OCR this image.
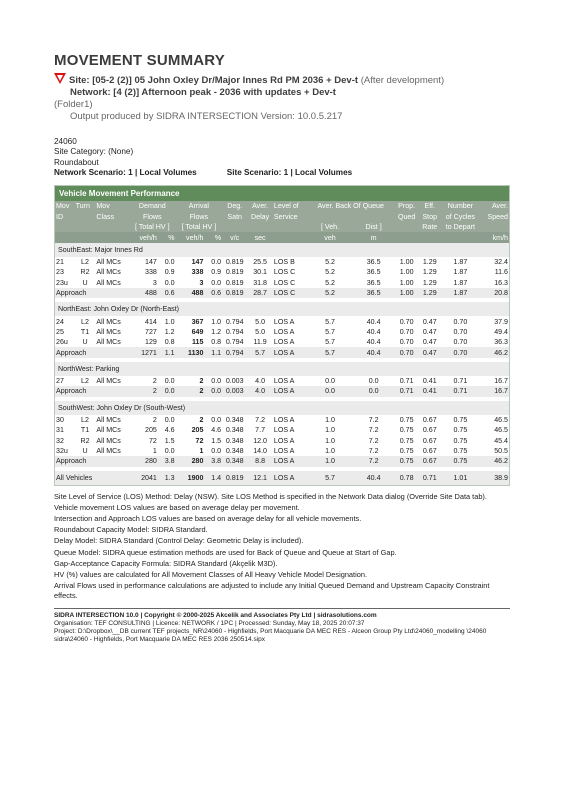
MOVEMENT SUMMARY
Site: [05-2 (2)] 05 John Oxley Dr/Major Innes Rd PM 2036 + Dev-t (After development)
Network: [4 (2)] Afternoon peak - 2036 with updates + Dev-t
(Folder1)
Output produced by SIDRA INTERSECTION Version: 10.0.5.217
24060
Site Category: (None)
Roundabout
Network Scenario: 1 | Local Volumes	Site Scenario: 1 | Local Volumes
Vehicle Movement Performance
Mov	Turn	Mov	Demand		Arrival		Deg.	Aver.	Level of	Aver. Back Of Queue		Prop.	Eff.	Number	Aver.
ID		Class	Flows		Flows		Satn	Delay	Service			Qued	Stop	of Cycles	Speed
			[ Total HV ]		[ Total HV ]					[ Veh.	Dist ]		Rate	to Depart	
			veh/h	%	veh/h	%	v/c	sec		veh	m				km/h
SouthEast: Major Innes Rd															
21	L2	All MCs	147	0.0	147	0.0	0.819	25.5	LOS B	5.2	36.5	1.00	1.29	1.87	32.4
23	R2	All MCs	338	0.9	338	0.9	0.819	30.1	LOS C	5.2	36.5	1.00	1.29	1.87	11.6
23u	U	All MCs	3	0.0	3	0.0	0.819	31.8	LOS C	5.2	36.5	1.00	1.29	1.87	16.3
Approach			488	0.6	488	0.6	0.819	28.7	LOS C	5.2	36.5	1.00	1.29	1.87	20.8

NorthEast: John Oxley Dr (North-East)															
24	L2	All MCs	414	1.0	367	1.0	0.794	5.0	LOS A	5.7	40.4	0.70	0.47	0.70	37.9
25	T1	All MCs	727	1.2	649	1.2	0.794	5.0	LOS A	5.7	40.4	0.70	0.47	0.70	49.4
26u	U	All MCs	129	0.8	115	0.8	0.794	11.9	LOS A	5.7	40.4	0.70	0.47	0.70	36.3
Approach			1271	1.1	1130	1.1	0.794	5.7	LOS A	5.7	40.4	0.70	0.47	0.70	46.2

NorthWest: Parking															
27	L2	All MCs	2	0.0	2	0.0	0.003	4.0	LOS A	0.0	0.0	0.71	0.41	0.71	16.7
Approach			2	0.0	2	0.0	0.003	4.0	LOS A	0.0	0.0	0.71	0.41	0.71	16.7

SouthWest: John Oxley Dr (South-West)															
30	L2	All MCs	2	0.0	2	0.0	0.348	7.2	LOS A	1.0	7.2	0.75	0.67	0.75	46.5
31	T1	All MCs	205	4.6	205	4.6	0.348	7.7	LOS A	1.0	7.2	0.75	0.67	0.75	46.5
32	R2	All MCs	72	1.5	72	1.5	0.348	12.0	LOS A	1.0	7.2	0.75	0.67	0.75	45.4
32u	U	All MCs	1	0.0	1	0.0	0.348	14.0	LOS A	1.0	7.2	0.75	0.67	0.75	50.5
Approach			280	3.8	280	3.8	0.348	8.8	LOS A	1.0	7.2	0.75	0.67	0.75	46.2

All Vehicles			2041	1.3	1900	1.4	0.819	12.1	LOS A	5.7	40.4	0.78	0.71	1.01	38.9

Site Level of Service (LOS) Method: Delay (NSW). Site LOS Method is specified in the Network Data dialog (Override Site Data tab).

Vehicle movement LOS values are based on average delay per movement.

Intersection and Approach LOS values are based on average delay for all vehicle movements.

Roundabout Capacity Model: SIDRA Standard.

Delay Model: SIDRA Standard (Control Delay: Geometric Delay is included).

Queue Model: SIDRA queue estimation methods are used for Back of Queue and Queue at Start of Gap.

Gap-Acceptance Capacity Formula: SIDRA Standard (Akçelik M3D).

HV (%) values are calculated for All Movement Classes of All Heavy Vehicle Model Designation.

Arrival Flows used in performance calculations are adjusted to include any Initial Queued Demand and Upstream Capacity Constraint effects.

SIDRA INTERSECTION 10.0 | Copyright © 2000-2025 Akcelik and Associates Pty Ltd | sidrasolutions.com
Organisation: TEF CONSULTING | Licence: NETWORK / 1PC | Processed: Sunday, May 18, 2025 20:07:37
Project: D:\Dropbox\__DB current TEF projects_NR\24060 - Highfields, Port Macquarie DA MEC RES - Alceon Group Pty Ltd\24060_modelling \24060 sidra\24060 - Highfields, Port Macquarie DA MEC RES 2036 250514.sipx
